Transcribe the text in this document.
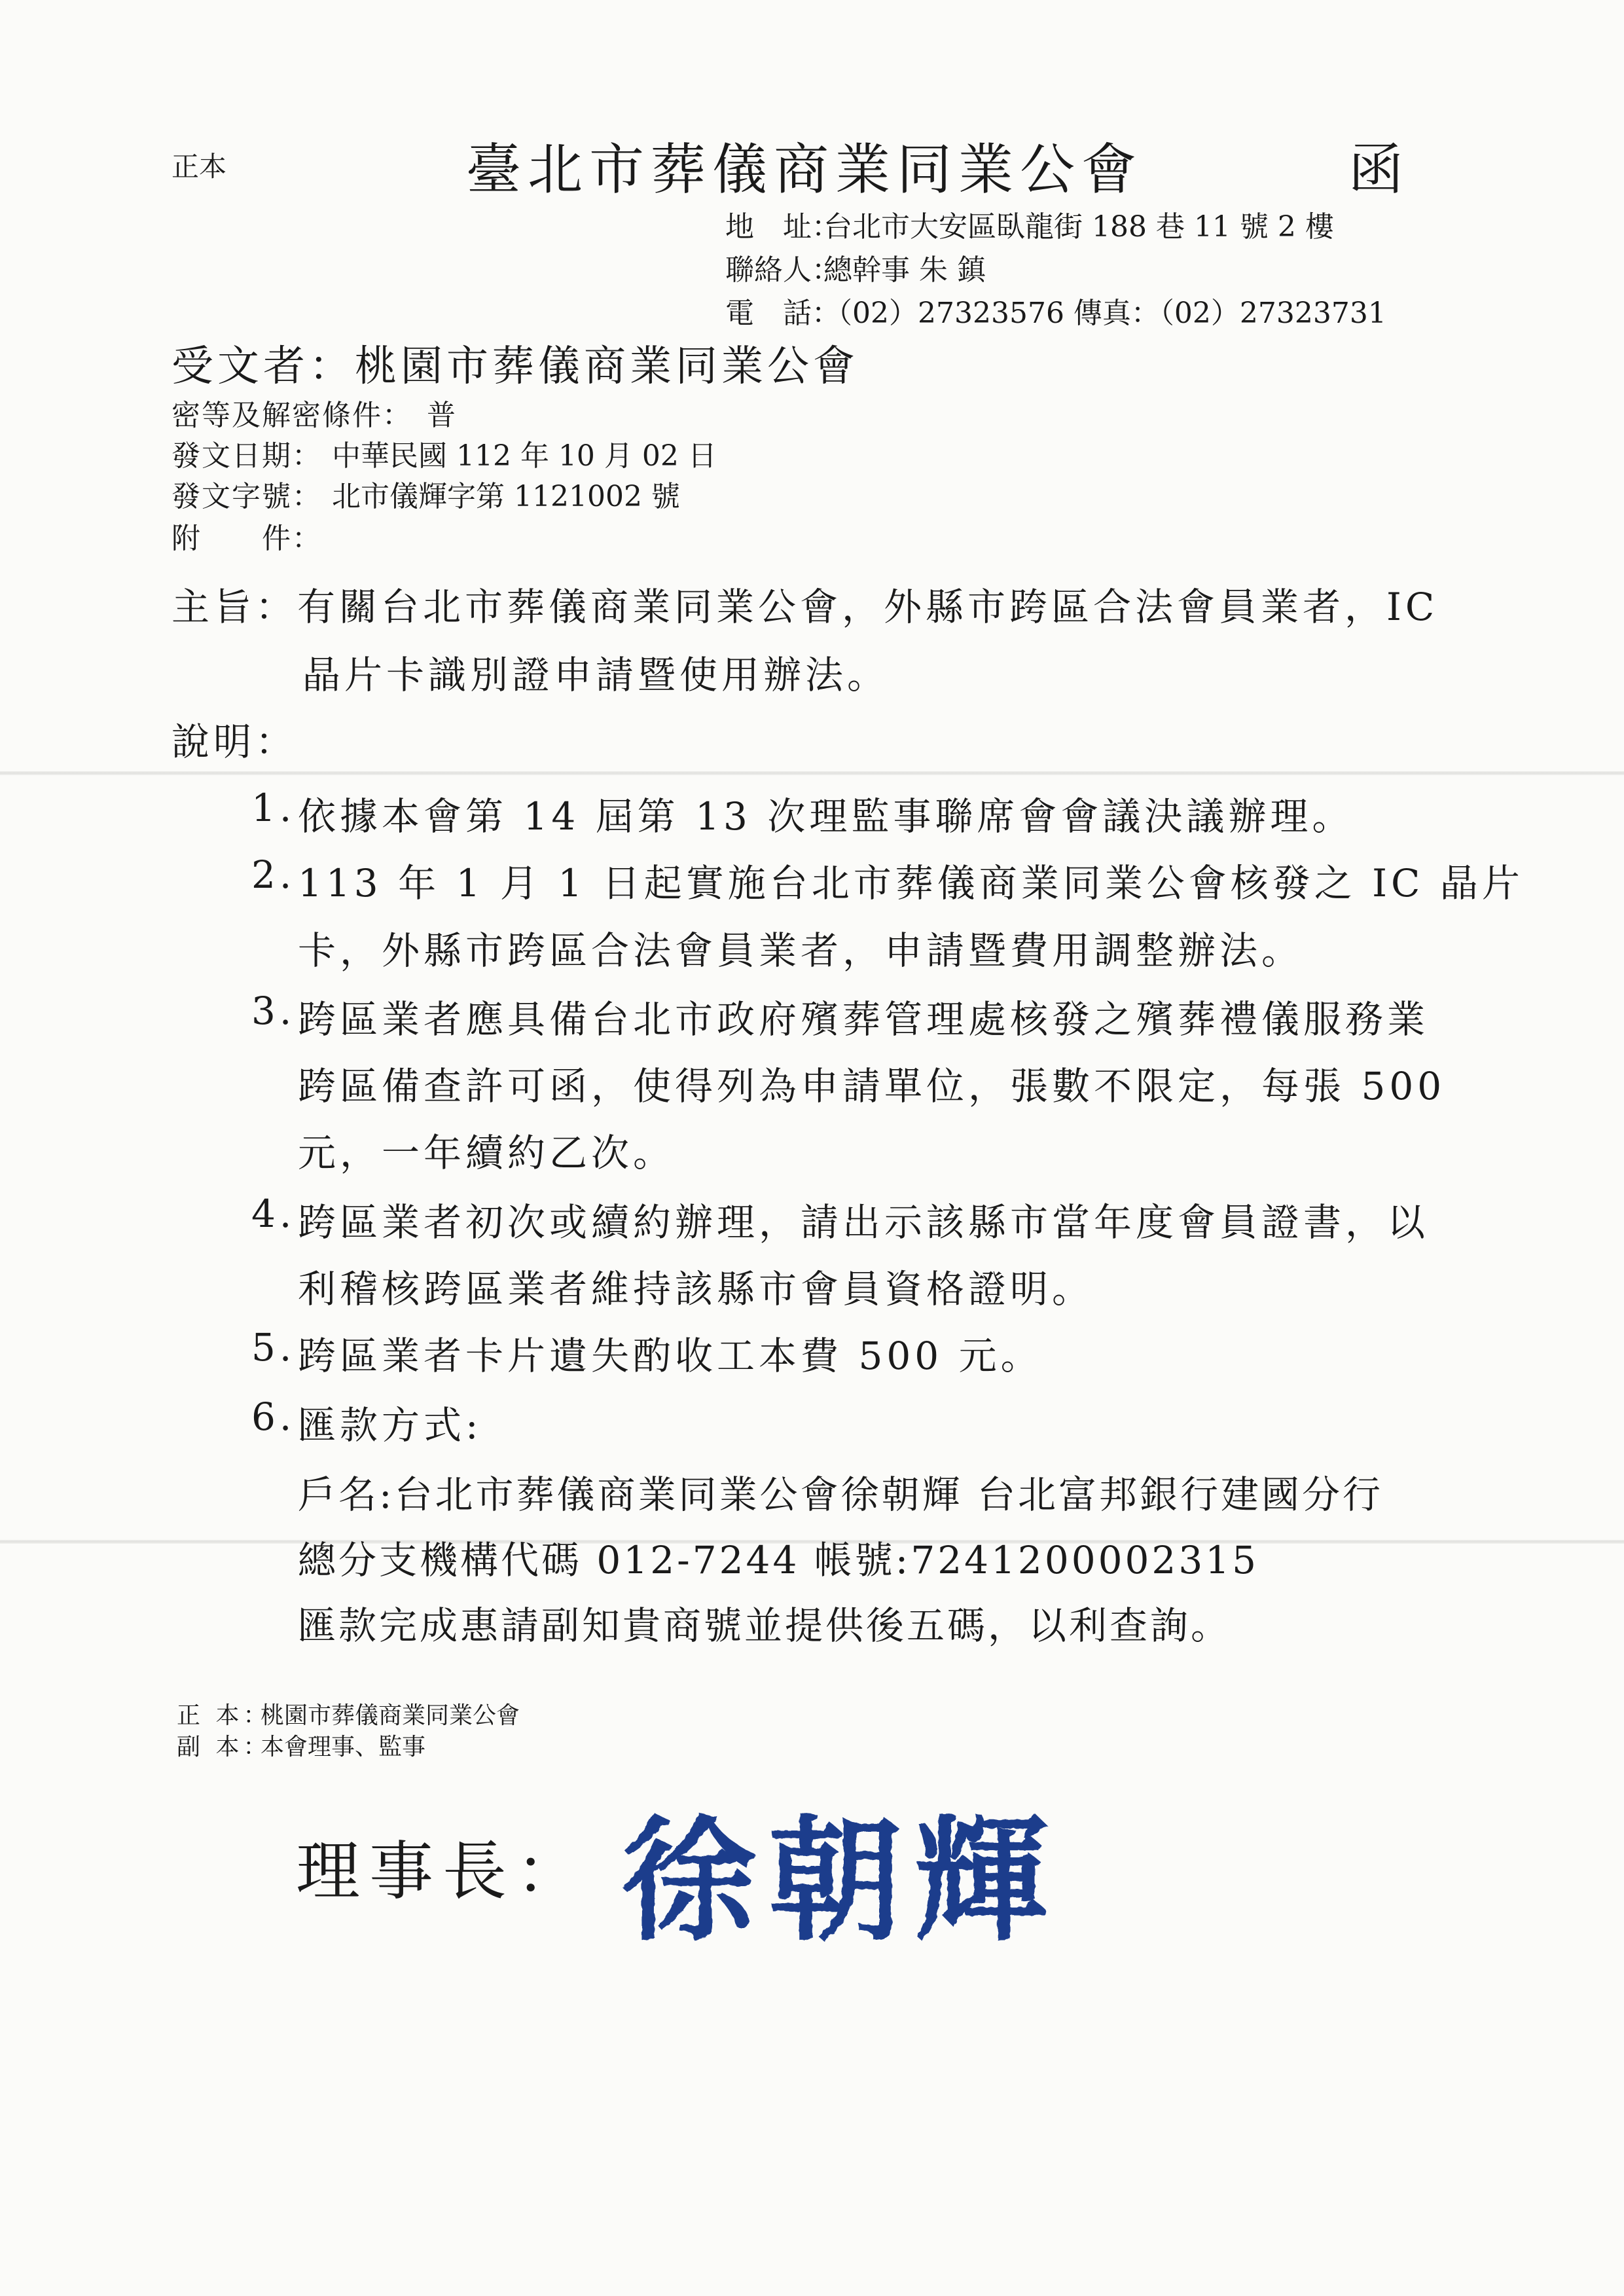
正本	臺北市葬儀商業同業公會	函
地　址：台北市大安區臥龍街 188 巷 11 號 2 樓
聯絡人：總幹事 朱 鎮
電　話：（02）27323576 傳真：（02）27323731
受文者：桃園市葬儀商業同業公會
密等及解密條件： 普
發文日期： 中華民國 112 年 10 月 02 日
發文字號： 北市儀輝字第 1121002 號
附　　件：
主旨：有關台北市葬儀商業同業公會，外縣市跨區合法會員業者，IC
晶片卡識別證申請暨使用辦法。
說明：
1. 依據本會第 14 屆第 13 次理監事聯席會會議決議辦理。
2. 113 年 1 月 1 日起實施台北市葬儀商業同業公會核發之 IC 晶片
卡，外縣市跨區合法會員業者，申請暨費用調整辦法。
3. 跨區業者應具備台北市政府殯葬管理處核發之殯葬禮儀服務業
跨區備查許可函，使得列為申請單位，張數不限定，每張 500
元，一年續約乙次。
4. 跨區業者初次或續約辦理，請出示該縣市當年度會員證書，以
利稽核跨區業者維持該縣市會員資格證明。
5. 跨區業者卡片遺失酌收工本費 500 元。
6. 匯款方式:
戶名:台北市葬儀商業同業公會徐朝輝 台北富邦銀行建國分行
總分支機構代碼 012-7244 帳號:7241200002315
匯款完成惠請副知貴商號並提供後五碼，以利查詢。
正 本：桃園市葬儀商業同業公會
副 本：本會理事、監事
理事長： 徐朝輝
